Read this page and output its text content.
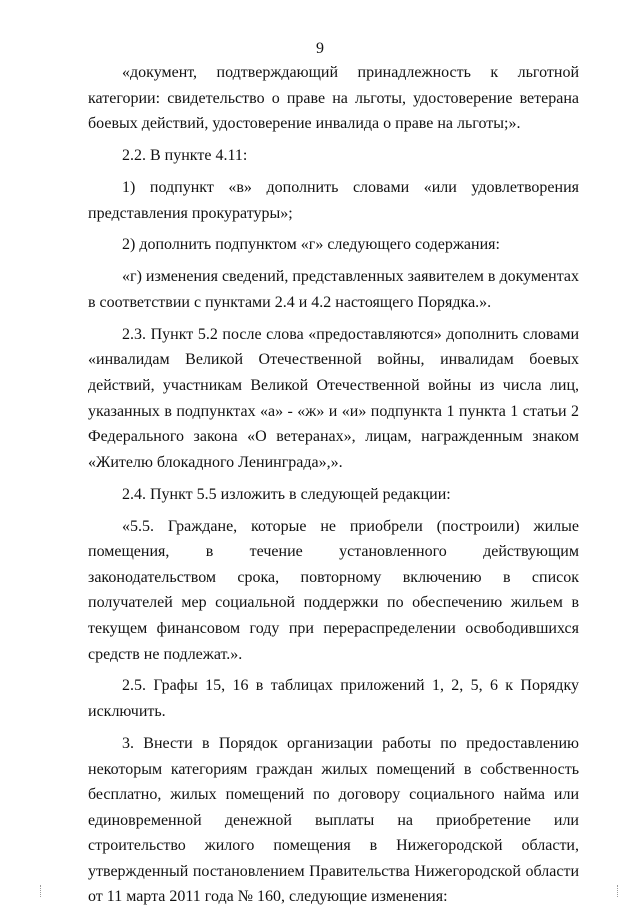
9

«документ, подтверждающий принадлежность к льготной категории: свидетельство о праве на льготы, удостоверение ветерана боевых действий, удостоверение инвалида о праве на льготы;».

2.2. В пункте 4.11:

1) подпункт «в» дополнить словами «или удовлетворения представления прокуратуры»;

2) дополнить подпунктом «г» следующего содержания:

«г) изменения сведений, представленных заявителем в документах в соответствии с пунктами 2.4 и 4.2 настоящего Порядка.».

2.3. Пункт 5.2 после слова «предоставляются» дополнить словами «инвалидам Великой Отечественной войны, инвалидам боевых действий, участникам Великой Отечественной войны из числа лиц, указанных в подпунктах «а» - «ж» и «и» подпункта 1 пункта 1 статьи 2 Федерального закона «О ветеранах», лицам, награжденным знаком «Жителю блокадного Ленинграда»,».

2.4. Пункт 5.5 изложить в следующей редакции:

«5.5. Граждане, которые не приобрели (построили) жилые помещения, в течение установленного действующим законодательством срока, повторному включению в список получателей мер социальной поддержки по обеспечению жильем в текущем финансовом году при перераспределении освободившихся средств не подлежат.».

2.5. Графы 15, 16 в таблицах приложений 1, 2, 5, 6 к Порядку исключить.

3. Внести в Порядок организации работы по предоставлению некоторым категориям граждан жилых помещений в собственность бесплатно, жилых помещений по договору социального найма или единовременной денежной выплаты на приобретение или строительство жилого помещения в Нижегородской области, утвержденный постановлением Правительства Нижегородской области от 11 марта 2011 года № 160, следующие изменения:
